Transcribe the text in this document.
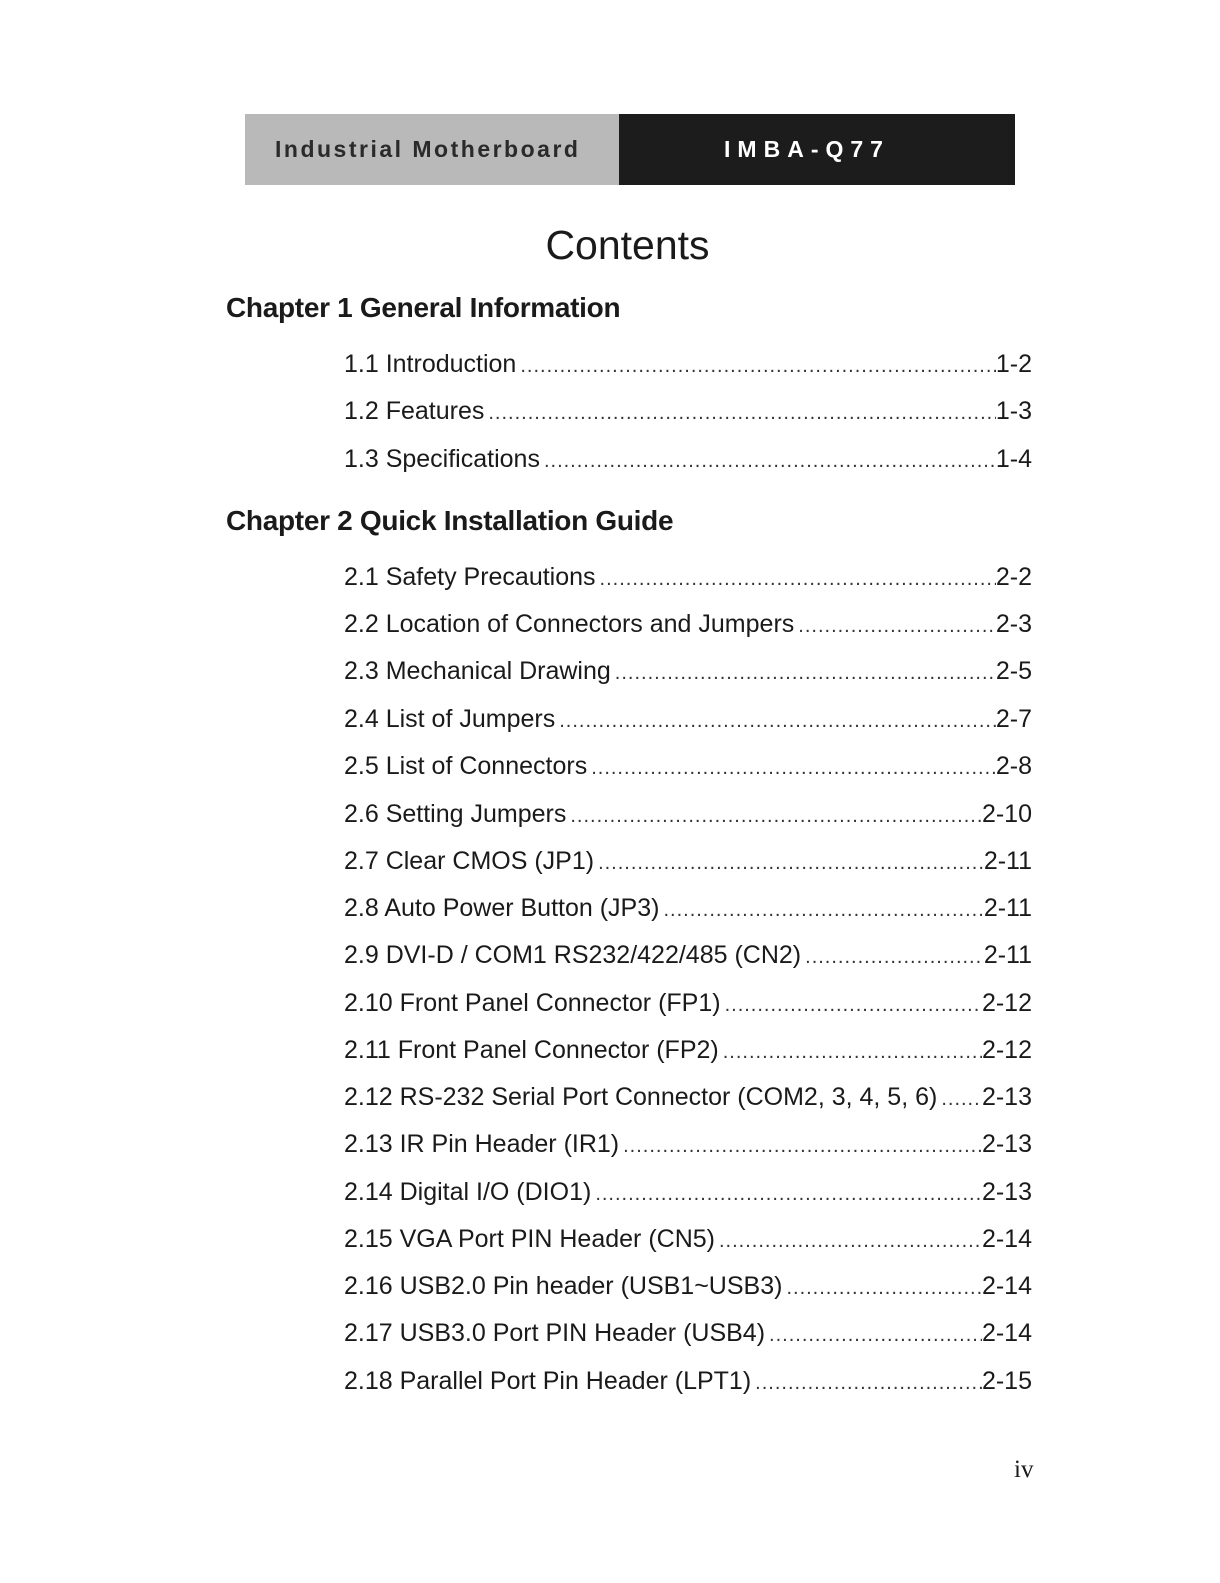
Industrial Motherboard	IMBA-Q77
Contents
Chapter 1 General Information
1.1 Introduction .....	1-2
1.2 Features .....	1-3
1.3 Specifications .....	1-4
Chapter 2 Quick Installation Guide
2.1 Safety Precautions .....	2-2
2.2 Location of Connectors and Jumpers .....	2-3
2.3 Mechanical Drawing .....	2-5
2.4 List of Jumpers .....	2-7
2.5 List of Connectors .....	2-8
2.6 Setting Jumpers .....	2-10
2.7 Clear CMOS (JP1) .....	2-11
2.8 Auto Power Button (JP3) .....	2-11
2.9 DVI-D / COM1 RS232/422/485 (CN2) .....	2-11
2.10 Front Panel Connector (FP1) .....	2-12
2.11 Front Panel Connector (FP2) .....	2-12
2.12 RS-232 Serial Port Connector (COM2, 3, 4, 5, 6) ..... 2-13
2.13 IR Pin Header (IR1) .....	2-13
2.14 Digital I/O (DIO1) .....	2-13
2.15 VGA Port PIN Header (CN5) .....	2-14
2.16 USB2.0 Pin header (USB1~USB3) .....	2-14
2.17 USB3.0 Port PIN Header (USB4) .....	2-14
2.18 Parallel Port Pin Header (LPT1) .....	2-15
iv
